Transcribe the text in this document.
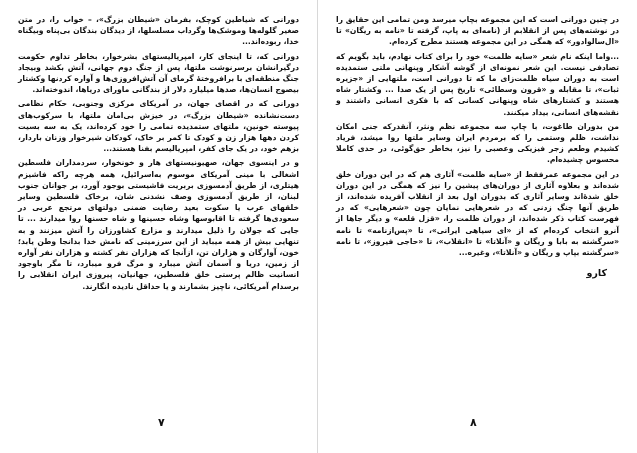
دورانی که شیاطین کوچک، بفرمان «شیطان بزرگ»، – خواب را، در متن صغیر گلوله‌ها وموشک‌ها وگرداب مسلسلها، از دیدگان بندگان بی‌پناه وبیگناه خدا، ربوده‌اند...

دورانی که، تا اینجای کار، امپریالیستهای بشرخوار، بخاطر تداوم حکومت درگیرانشان برسرنوشت ملتها، پس از جنگ دوم جهانی، آتش بکشد وبیجاد جنگ منطقه‌ای با برافروختهٔ گرمای آن آتش‌افروزی‌ها و آواره کردنها وکشتار بیصوج انسان‌ها، صدها میلیارد دلار از بند‌گانی ماورای دریاها، اندوخته‌اند.

دورانی که در اقصای جهان، در آمریکای مرکزی وجنوبی، حکام نظامی دست‌نشانده «شیطان بزرگ»، در خیزش بی‌امان ملتها، با سرکوب‌های پیوسته خونین، ملتهای ستمدیده تمامی را خود کرده‌اند، یک به سه بسیت کردن دهها هزار زن و کودک تا کمر بر خاک، کودکان شیرخوار وزنان باردار، بزهم خود، در یک جای کفر، امپریالیسم بفنا هستند...

و در اینسوی جهان، صهیونیستهای هار و خونخوار، سردمداران فلسطین اشغالی با مینی آمریکای موسوم به‌اسرائیل، همه هرچه راکه فاشیزم هیتلری، از طریق آدمسوزی بربریت فاشیستی بوجود آورد، بر جوانان جنوب لبنان، از طریق آدمسوزی وصف نشدنی شان، برخاک فلسطین وسایر خلقهای عرب یا سکوت بعید رضایت ضمنی دولتهای مرتجع عربی در سعودی‌ها گرفته تا اقابوسها وشاه حسینها و شاه حسنها روا میدارند ... تا جایی که جولان را ذلیل میدارند و مزارع کشاورزان را آتش میزنند و به تنهایی بیش از همه میباید از این سرزمینی که نامش خدا بدانجا وطن یابد؛ خون، آوارگان و هزاران تن، ازآنجا که هزاران نفر کشته و هزاران نفر آواره از زمین، دریا و آسمان آتش میبارد و مرگ فرو میبارد، تا مگر باوجود انسانیت ظالم پرستی خلق فلسطین، جهانیان، پیروزی ایران انقلابی را برسدام آمریکائی، ناچیز بشمارند و یا حداقل نادیده انگارند.

۷

در چنین دورانی است که این مجموعه بچاپ میرسد ومن تمامی این حقایق را در نوشته‌های پس از انقلابم از (نامه‌ای به پاپ، گرفته تا «نامه به ریگان» تا «ال‌سالوادور» که همگی در این مجموعه هستند مطرح کرده‌ام.

...واما اینکه نام شعر «سایه ظلمت» خود را برای کتاب نهادم، باید بگویم که تصادفی نیست. این شعر نمونه‌ای از گوشه آشکار وپنهانی ملتی ستمدیده است به دوران سیاه ظلمت‌زای ما که تا دورانی است، ملتهایی از «جزیره ثبات»، تا مقابله و «قرون وسطائی» تاریخ پس از یک صدا ... وکشتار شاه هستند و کشتارهای شاه وپنهانی کسانی که با فکری انسانی داشتند و نقشه‌های انسانی، بیداد میکنند.

من بدوران طاغوت، با چاپ سه مجموعه نظم ونثر، آنقدرکه جنی امکان نداشت، ظلم وستمی را که برمردم ایران وسایر ملتها روا میشد، فریاد کشیدم وطعم زجر فیزیکی وعصبی را نیز، بخاطر حق‌گوئی، در حدی کاملا محسوس چشیده‌ام.

در این مجموعه عمرفقط از «سایه ظلمت» آثاری هم که در این دوران خلق شده‌اند و بعلاوه آثاری از دوران‌های پیشین را نیز که همگی در این دوران خلق شدهٔ‌اند وسایر آثاری که بدوران اول بعد از انقلاب آفریده شده‌اند، از طریق آنها چنگ زدنی که در شعرهایی نمایان چون «شعر‌هایی» که در فهرست کتاب ذکر شده‌اند، از دوران ظلمت را، «قزل قلعه» و دیگر جاها از آنرو انتخاب کرده‌ام که از «ای سیاهی ایرانی»، تا «پس‌از‌نامه» تا نامه «سرگشته به بابا و ریگان و «آنلاتا» تا «انقلاب»، تا «حاجی فیروز»، تا نامه «سرگشته بپاپ و ریگان و «آنلاتا»، وغیره...

کارو
۸
